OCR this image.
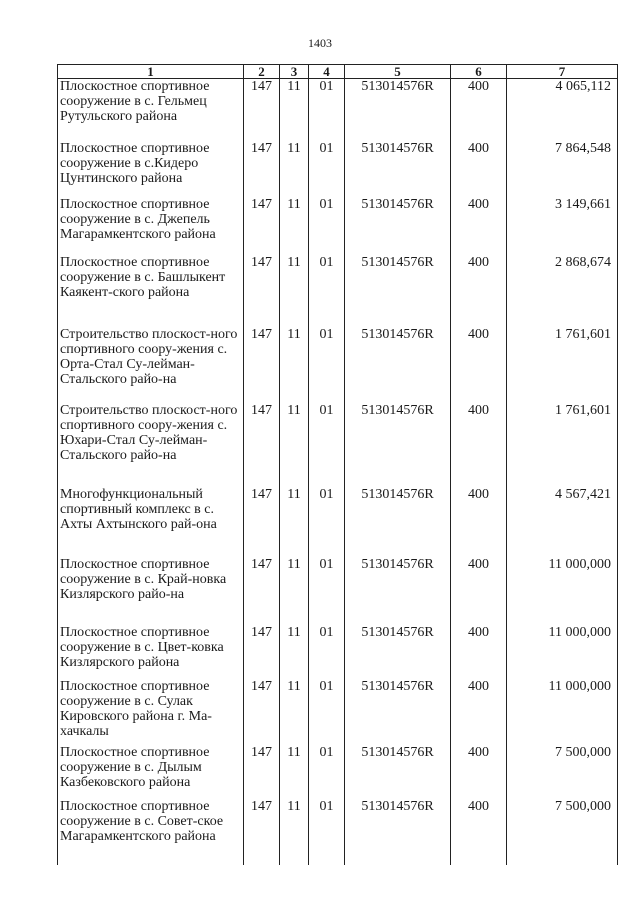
1403
1	2	3	4	5	6	7
Плоскостное спортивное сооружение в с. Гельмец Рутульского района	147	11	01	513014576R	400	4 065,112
Плоскостное спортивное сооружение в с.Кидеро Цунтинского района	147	11	01	513014576R	400	7 864,548
Плоскостное спортивное сооружение в с. Джепель Магарамкентского района	147	11	01	513014576R	400	3 149,661
Плоскостное спортивное сооружение в с. Башлыкент Каякент-ского района	147	11	01	513014576R	400	2 868,674
Строительство плоскост-ного спортивного соору-жения с. Орта-Стал Су-лейман-Стальского райо-на	147	11	01	513014576R	400	1 761,601
Строительство плоскост-ного спортивного соору-жения с. Юхари-Стал Су-лейман-Стальского райо-на	147	11	01	513014576R	400	1 761,601
Многофункциональный спортивный комплекс в с. Ахты Ахтынского рай-она	147	11	01	513014576R	400	4 567,421
Плоскостное спортивное сооружение в с. Край-новка Кизлярского райо-на	147	11	01	513014576R	400	11 000,000
Плоскостное спортивное сооружение в с. Цвет-ковка Кизлярского района	147	11	01	513014576R	400	11 000,000
Плоскостное спортивное сооружение в с. Сулак Кировского района г. Ма-хачкалы	147	11	01	513014576R	400	11 000,000
Плоскостное спортивное сооружение в с. Дылым Казбековского района	147	11	01	513014576R	400	7 500,000
Плоскостное спортивное сооружение в с. Совет-ское Магарамкентского района	147	11	01	513014576R	400	7 500,000
